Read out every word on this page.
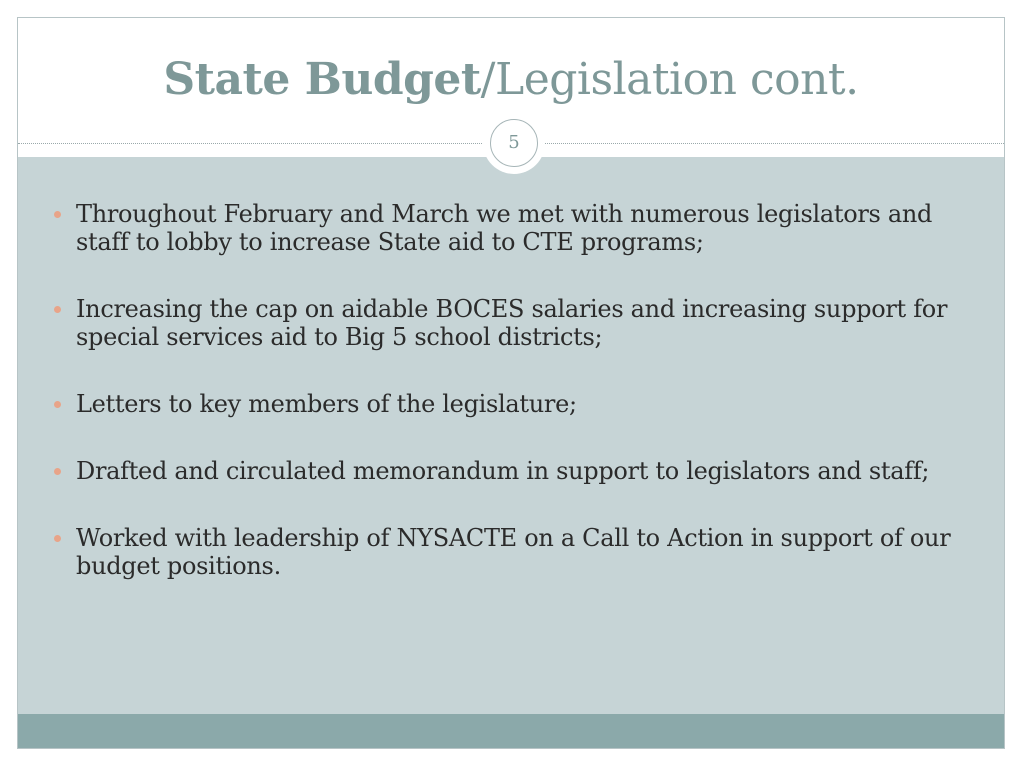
State Budget/Legislation cont.
5
Throughout February and March we met with numerous legislators and staff to lobby to increase State aid to CTE programs;
Increasing the cap on aidable BOCES salaries and increasing support for special services aid to Big 5 school districts;
Letters to key members of the legislature;
Drafted and circulated memorandum in support to legislators and staff;
Worked with leadership of NYSACTE on a Call to Action in support of our budget positions.
